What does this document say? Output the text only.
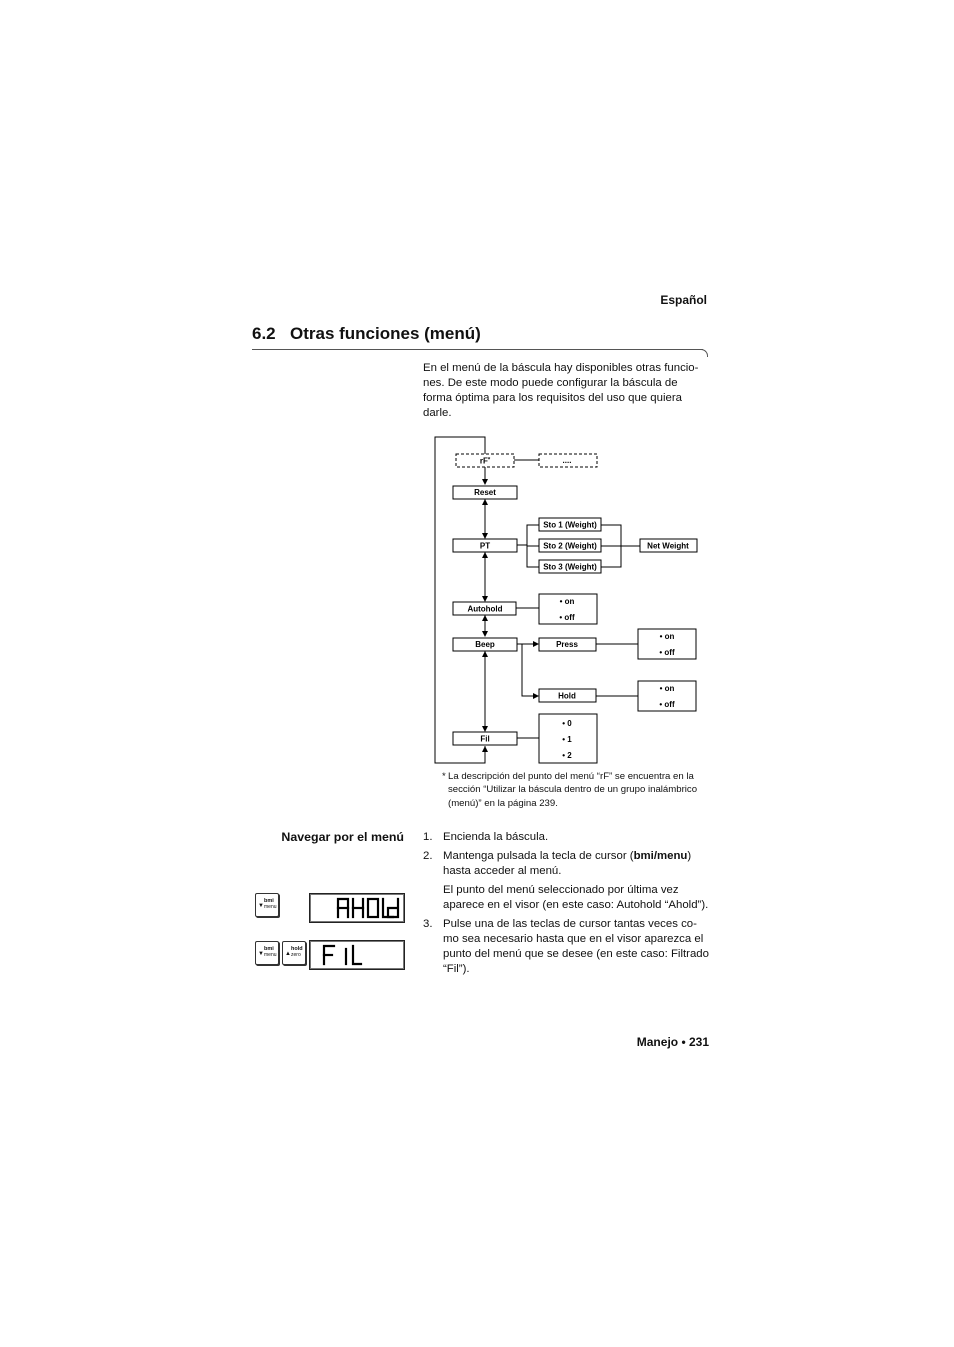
Español
6.2 Otras funciones (menú)

En el menú de la báscula hay disponibles otras funcio-nes. De este modo puede configurar la báscula de forma óptima para los requisitos del uso que quiera darle.

rF*	....
Reset
PT
Sto 1 (Weight)
Sto 2 (Weight)
Sto 3 (Weight)
Net Weight
Autohold
• on
• off
Beep	Press
• on
• off
Hold
• on
• off
Fil
• 0
• 1
• 2
* La descripción del punto del menú “rF” se encuentra en la sección “Utilizar la báscula dentro de un grupo inalámbrico (menú)” en la página 239.
Navegar por el menú 1. Encienda la báscula.

2. Mantenga pulsada la tecla de cursor (bmi/menu) hasta acceder al menú.

El punto del menú seleccionado por última vez aparece en el visor (en este caso: Autohold “Ahold”).

3. Pulse una de las teclas de cursor tantas veces co-mo sea necesario hasta que en el visor aparezca el punto del menú que se desee (en este caso: Filtrado “Fil”).

▼
bmi
menu
▼
bmi
menu ▲
hold
zero
Manejo • 231
